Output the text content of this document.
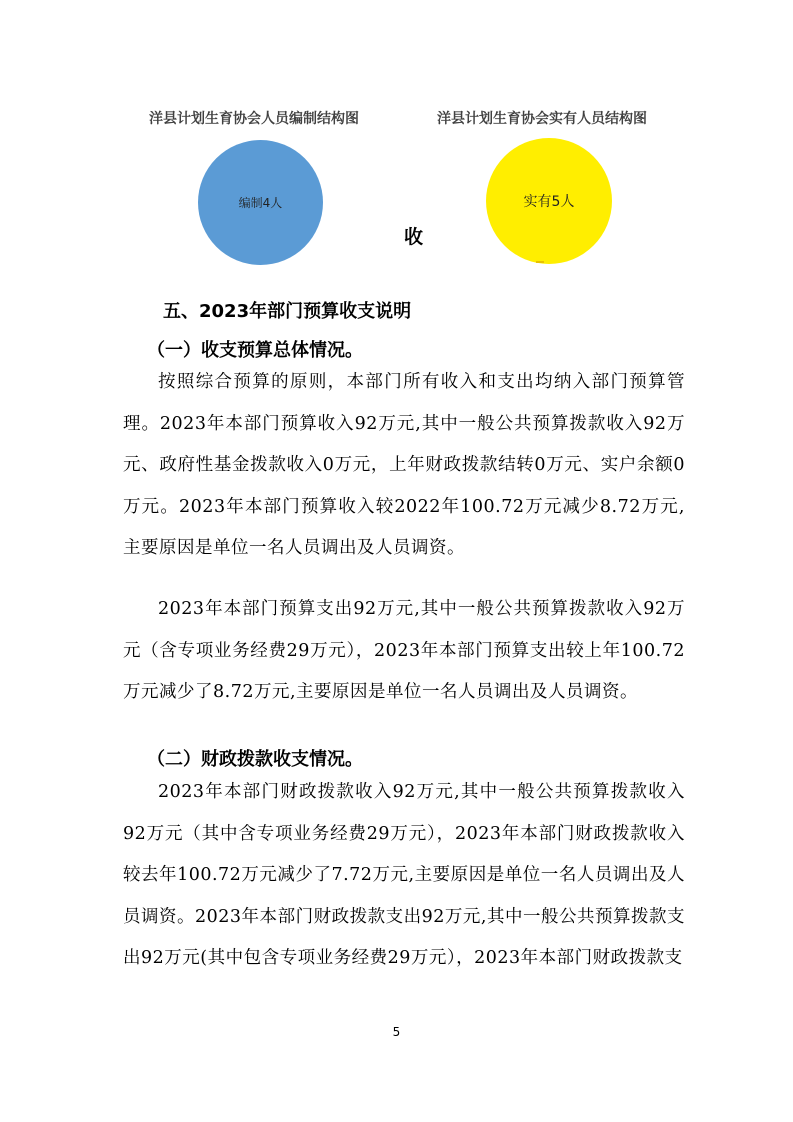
洋县计划生育协会人员编制结构图	洋县计划生育协会实有人员结构图
编制4人	实有5人
收
五、2023年部门预算收支说明
（一）收支预算总体情况。

按照综合预算的原则，本部门所有收入和支出均纳入部门预算管理。2023年本部门预算收入92万元,其中一般公共预算拨款收入92万元、政府性基金拨款收入0万元，上年财政拨款结转0万元、实户余额0万元。2023年本部门预算收入较2022年100.72万元减少8.72万元,主要原因是单位一名人员调出及人员调资。

2023年本部门预算支出92万元,其中一般公共预算拨款收入92万元（含专项业务经费29万元），2023年本部门预算支出较上年100.72万元减少了8.72万元,主要原因是单位一名人员调出及人员调资。

（二）财政拨款收支情况。

2023年本部门财政拨款收入92万元,其中一般公共预算拨款收入92万元（其中含专项业务经费29万元），2023年本部门财政拨款收入较去年100.72万元减少了7.72万元,主要原因是单位一名人员调出及人员调资。2023年本部门财政拨款支出92万元,其中一般公共预算拨款支出92万元(其中包含专项业务经费29万元），2023年本部门财政拨款支

5
